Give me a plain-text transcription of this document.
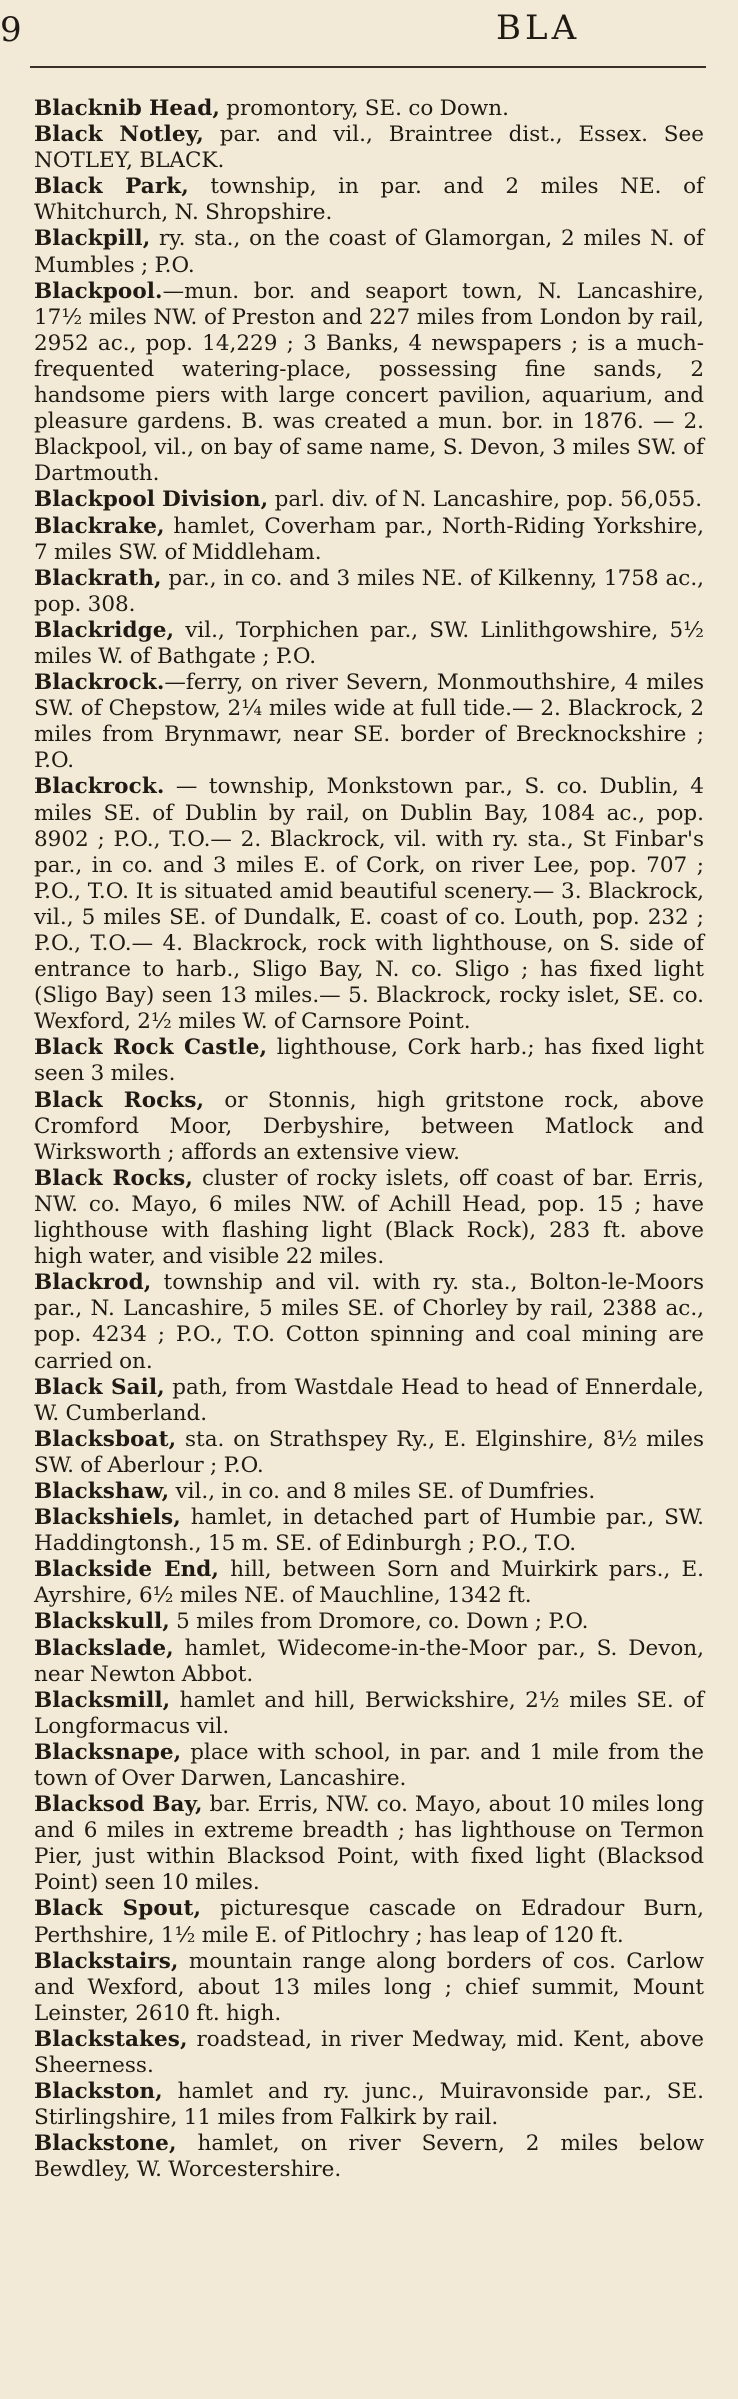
9	BLA

Blacknib Head, promontory, SE. co Down.

Black Notley, par. and vil., Braintree dist., Essex. See NOTLEY, BLACK.

Black Park, township, in par. and 2 miles NE. of Whitchurch, N. Shropshire.

Blackpill, ry. sta., on the coast of Glamorgan, 2 miles N. of Mumbles ; P.O.

Blackpool.—mun. bor. and seaport town, N. Lancashire, 17½ miles NW. of Preston and 227 miles from London by rail, 2952 ac., pop. 14,229 ; 3 Banks, 4 newspapers ; is a much-frequented watering-place, possessing fine sands, 2 handsome piers with large concert pavilion, aquarium, and pleasure gardens. B. was created a mun. bor. in 1876. — 2. Blackpool, vil., on bay of same name, S. Devon, 3 miles SW. of Dartmouth.

Blackpool Division, parl. div. of N. Lancashire, pop. 56,055.

Blackrake, hamlet, Coverham par., North-Riding Yorkshire, 7 miles SW. of Middleham.

Blackrath, par., in co. and 3 miles NE. of Kilkenny, 1758 ac., pop. 308.

Blackridge, vil., Torphichen par., SW. Linlithgowshire, 5½ miles W. of Bathgate ; P.O.

Blackrock.—ferry, on river Severn, Monmouthshire, 4 miles SW. of Chepstow, 2¼ miles wide at full tide.— 2. Blackrock, 2 miles from Brynmawr, near SE. border of Brecknockshire ; P.O.

Blackrock. — township, Monkstown par., S. co. Dublin, 4 miles SE. of Dublin by rail, on Dublin Bay, 1084 ac., pop. 8902 ; P.O., T.O.— 2. Blackrock, vil. with ry. sta., St Finbar's par., in co. and 3 miles E. of Cork, on river Lee, pop. 707 ; P.O., T.O. It is situated amid beautiful scenery.— 3. Blackrock, vil., 5 miles SE. of Dundalk, E. coast of co. Louth, pop. 232 ; P.O., T.O.— 4. Blackrock, rock with lighthouse, on S. side of entrance to harb., Sligo Bay, N. co. Sligo ; has fixed light (Sligo Bay) seen 13 miles.— 5. Blackrock, rocky islet, SE. co. Wexford, 2½ miles W. of Carnsore Point.

Black Rock Castle, lighthouse, Cork harb.; has fixed light seen 3 miles.

Black Rocks, or Stonnis, high gritstone rock, above Cromford Moor, Derbyshire, between Matlock and Wirksworth ; affords an extensive view.

Black Rocks, cluster of rocky islets, off coast of bar. Erris, NW. co. Mayo, 6 miles NW. of Achill Head, pop. 15 ; have lighthouse with flashing light (Black Rock), 283 ft. above high water, and visible 22 miles.

Blackrod, township and vil. with ry. sta., Bolton-le-Moors par., N. Lancashire, 5 miles SE. of Chorley by rail, 2388 ac., pop. 4234 ; P.O., T.O. Cotton spinning and coal mining are carried on.

Black Sail, path, from Wastdale Head to head of Ennerdale, W. Cumberland.

Blacksboat, sta. on Strathspey Ry., E. Elginshire, 8½ miles SW. of Aberlour ; P.O.

Blackshaw, vil., in co. and 8 miles SE. of Dumfries.

Blackshiels, hamlet, in detached part of Humbie par., SW. Haddingtonsh., 15 m. SE. of Edinburgh ; P.O., T.O.

Blackside End, hill, between Sorn and Muirkirk pars., E. Ayrshire, 6½ miles NE. of Mauchline, 1342 ft.

Blackskull, 5 miles from Dromore, co. Down ; P.O.

Blackslade, hamlet, Widecome-in-the-Moor par., S. Devon, near Newton Abbot.

Blacksmill, hamlet and hill, Berwickshire, 2½ miles SE. of Longformacus vil.

Blacksnape, place with school, in par. and 1 mile from the town of Over Darwen, Lancashire.

Blacksod Bay, bar. Erris, NW. co. Mayo, about 10 miles long and 6 miles in extreme breadth ; has lighthouse on Termon Pier, just within Blacksod Point, with fixed light (Blacksod Point) seen 10 miles.

Black Spout, picturesque cascade on Edradour Burn, Perthshire, 1½ mile E. of Pitlochry ; has leap of 120 ft.

Blackstairs, mountain range along borders of cos. Carlow and Wexford, about 13 miles long ; chief summit, Mount Leinster, 2610 ft. high.

Blackstakes, roadstead, in river Medway, mid. Kent, above Sheerness.

Blackston, hamlet and ry. junc., Muiravonside par., SE. Stirlingshire, 11 miles from Falkirk by rail.

Blackstone, hamlet, on river Severn, 2 miles below Bewdley, W. Worcestershire.
